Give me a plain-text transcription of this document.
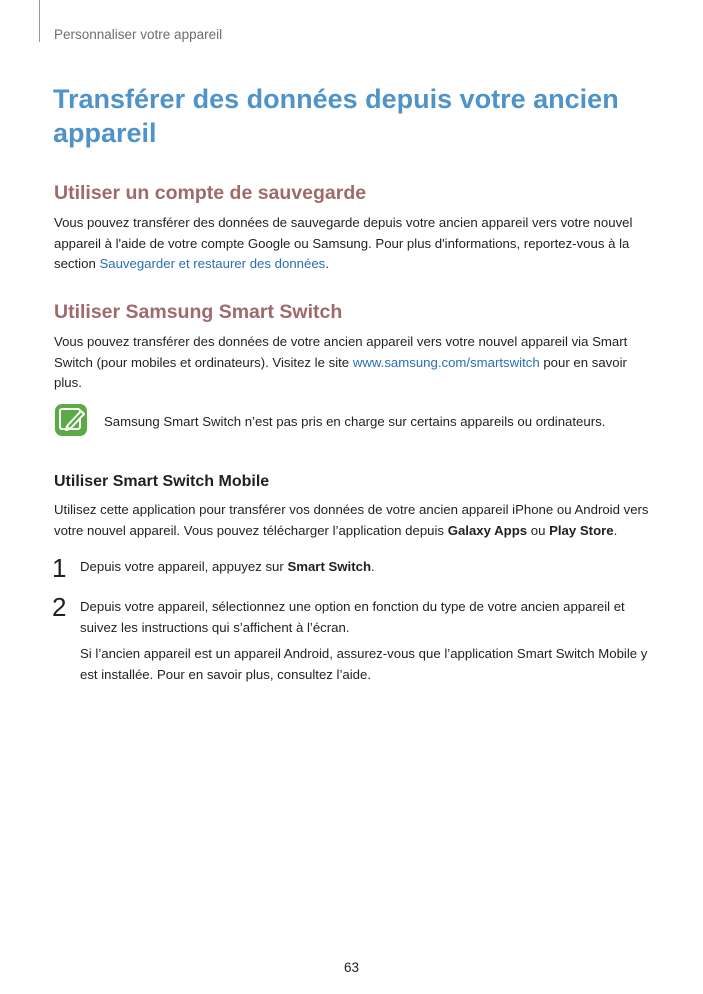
Personnaliser votre appareil
Transférer des données depuis votre ancien appareil
Utiliser un compte de sauvegarde

Vous pouvez transférer des données de sauvegarde depuis votre ancien appareil vers votre nouvel appareil à l'aide de votre compte Google ou Samsung. Pour plus d'informations, reportez-vous à la section Sauvegarder et restaurer des données.

Utiliser Samsung Smart Switch

Vous pouvez transférer des données de votre ancien appareil vers votre nouvel appareil via Smart Switch (pour mobiles et ordinateurs). Visitez le site www.samsung.com/smartswitch pour en savoir plus.

Samsung Smart Switch n’est pas pris en charge sur certains appareils ou ordinateurs.

Utiliser Smart Switch Mobile

Utilisez cette application pour transférer vos données de votre ancien appareil iPhone ou Android vers votre nouvel appareil. Vous pouvez télécharger l’application depuis Galaxy Apps ou Play Store.

1 Depuis votre appareil, appuyez sur Smart Switch.

2 Depuis votre appareil, sélectionnez une option en fonction du type de votre ancien appareil et suivez les instructions qui s’affichent à l’écran.

Si l’ancien appareil est un appareil Android, assurez-vous que l’application Smart Switch Mobile y est installée. Pour en savoir plus, consultez l’aide.

63
